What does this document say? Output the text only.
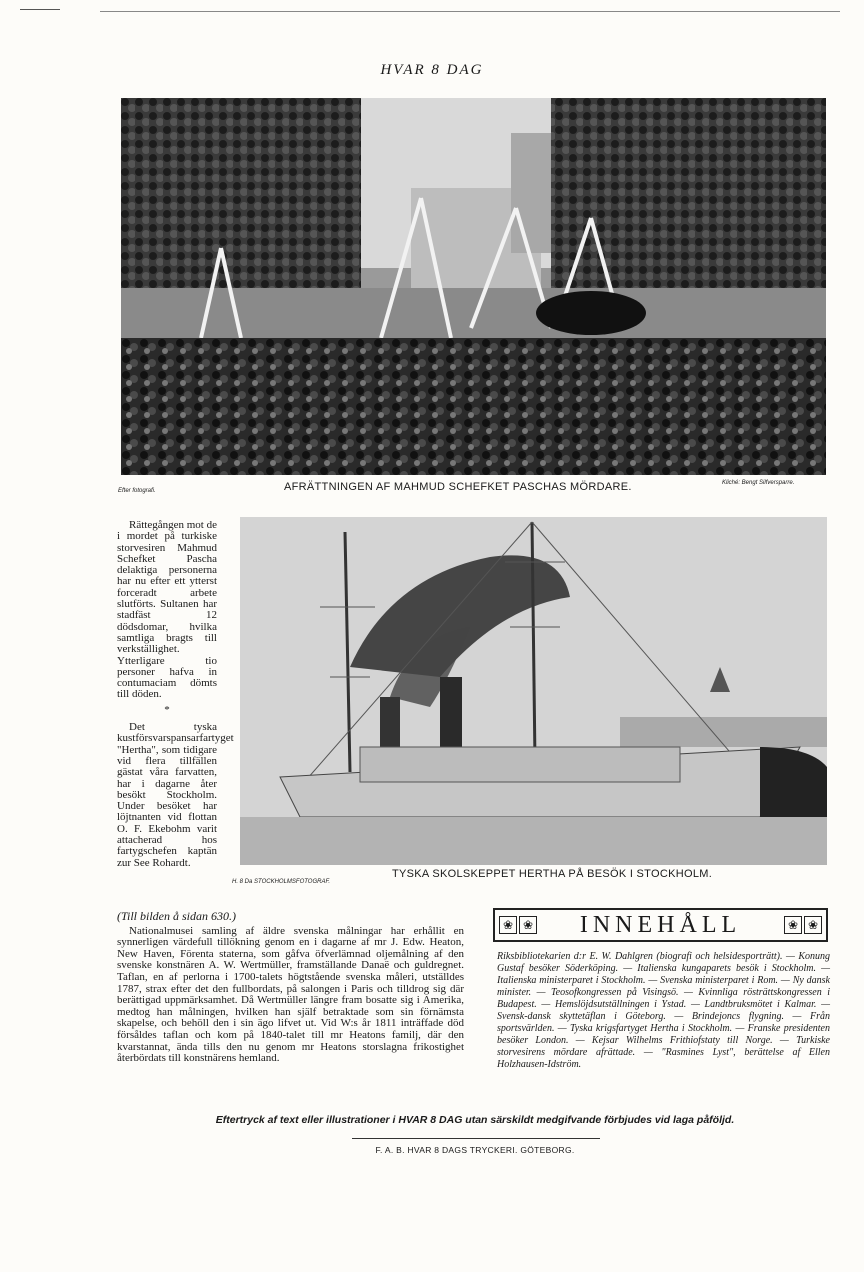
HVAR 8 DAG
Efter fotografi.	AFRÄTTNINGEN AF MAHMUD SCHEFKET PASCHAS MÖRDARE.	Kliché: Bengt Silfversparre.

Rättegången mot de i mordet på turkiske storvesiren Mahmud Schefket Pascha delaktiga personerna har nu efter ett ytterst forceradt arbete slutförts. Sultanen har stadfäst 12 dödsdomar, hvilka samtliga bragts till verkställighet. Ytterligare tio personer hafva in contumaciam dömts till döden.

*

Det tyska kustförsvarspansarfartyget "Hertha", som tidigare vid flera tillfällen gästat våra farvatten, har i dagarne åter besökt Stockholm. Under besöket har löjtnanten vid flottan O. F. Ekebohm varit attacherad hos fartygschefen kaptän zur See Rohardt.

H. 8 Da STOCKHOLMSFOTOGRAF.
TYSKA SKOLSKEPPET HERTHA PÅ BESÖK I STOCKHOLM.

(Till bilden å sidan 630.)

Nationalmusei samling af äldre svenska målningar har erhållit en synnerligen värdefull tillökning genom en i dagarne af mr J. Edw. Heaton, New Haven, Förenta staterna, som gåfva öfverlämnad oljemålning af den svenske konstnären A. W. Wertmüller, framställande Danaë och guldregnet. Taflan, en af perlorna i 1700-talets högtstående svenska måleri, utställdes 1787, strax efter det den fullbordats, på salongen i Paris och tilldrog sig där berättigad uppmärksamhet. Då Wertmüller längre fram bosatte sig i Amerika, medtog han målningen, hvilken han själf betraktade som sin förnämsta skapelse, och behöll den i sin ägo lifvet ut. Vid W:s år 1811 inträffade död försåldes taflan och kom på 1840-talet till mr Heatons familj, där den kvarstannat, ända tills den nu genom mr Heatons storslagna frikostighet återbördats till konstnärens hemland.

❀ ❀ INNEHÅLL	❀ ❀
Riksbibliotekarien d:r E. W. Dahlgren (biografi och helsidesporträtt). — Konung Gustaf besöker Söderköping. — Italienska kungaparets besök i Stockholm. — Italienska ministerparet i Stockholm. — Svenska ministerparet i Rom. — Ny dansk minister. — Teosofkongressen på Visingsö. — Kvinnliga rösträttskongressen i Budapest. — Hemslöjdsutställningen i Ystad. — Landtbruksmötet i Kalmar. — Svensk-dansk skyttetäflan i Göteborg. — Brindejoncs flygning. — Från sportsvärlden. — Tyska krigsfartyget Hertha i Stockholm. — Franske presidenten besöker London. — Kejsar Wilhelms Frithiofstaty till Norge. — Turkiske storvesirens mördare afrättade. — "Rasmines Lyst", berättelse af Ellen Holzhausen-Idström.
Eftertryck af text eller illustrationer i HVAR 8 DAG utan särskildt medgifvande förbjudes vid laga påföljd.
F. A. B. HVAR 8 DAGS TRYCKERI. GÖTEBORG.
